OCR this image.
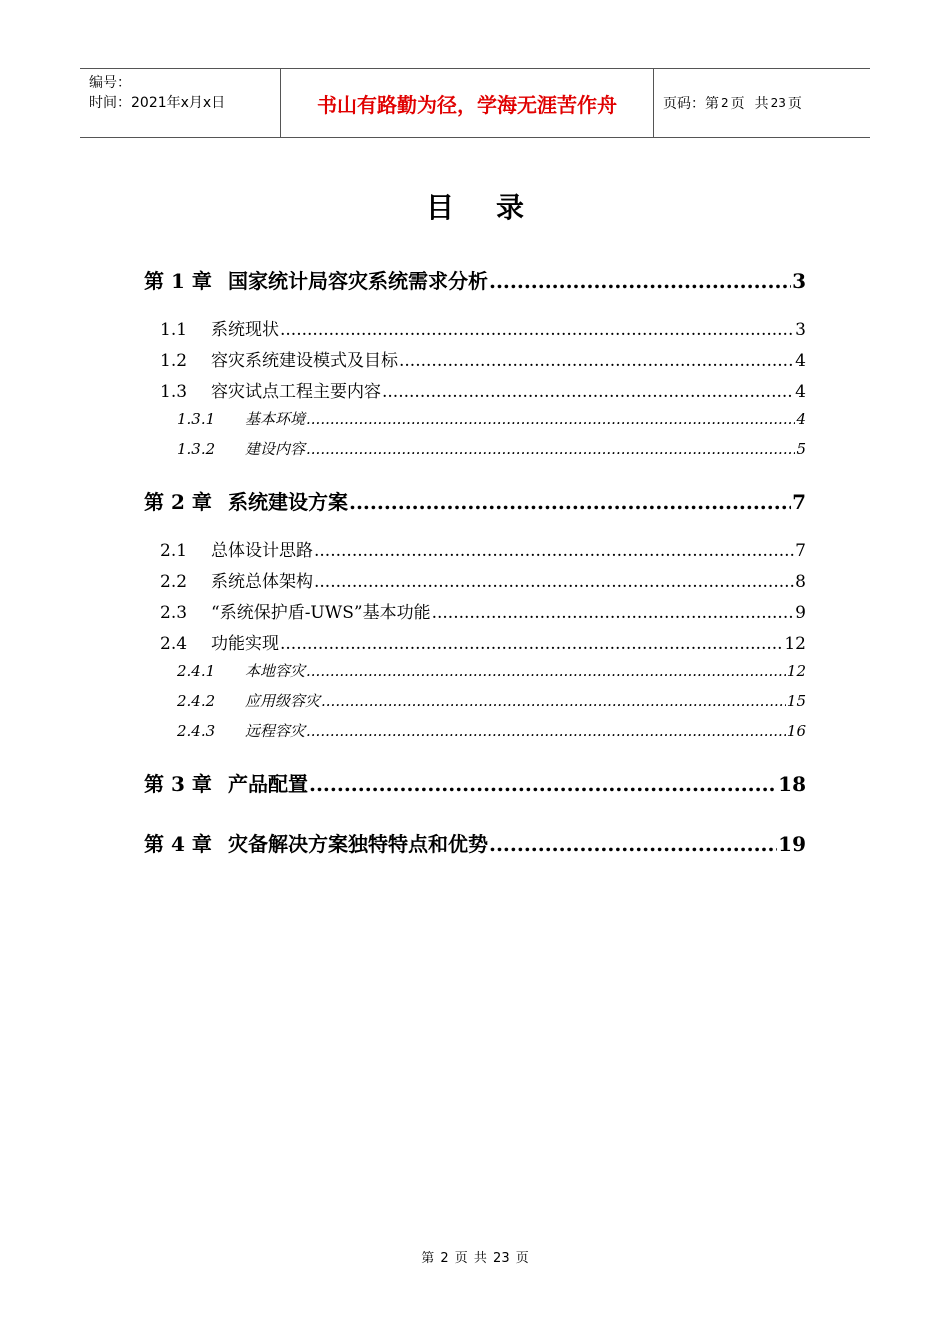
编号：
时间：2021年x月x日	书山有路勤为径，学海无涯苦作舟	页码：第 2 页 共 23 页
目录
第 1 章 国家统计局容灾系统需求分析 .....	3
1.1	系统现状 .....	3
1.2	容灾系统建设模式及目标 .....	4
1.3	容灾试点工程主要内容 .....	4
1.3.1	基本环境 .....	4
1.3.2	建设内容 .....	5
第 2 章 系统建设方案 .....	7
2.1	总体设计思路 .....	7
2.2	系统总体架构 .....	8
2.3	“系统保护盾-UWS”基本功能 .....	9
2.4	功能实现 .....	12
2.4.1	本地容灾 .....	12
2.4.2	应用级容灾 .....	15
2.4.3	远程容灾 .....	16
第 3 章 产品配置 .....	18
第 4 章 灾备解决方案独特特点和优势 .....	19
第 2 页 共 23 页
